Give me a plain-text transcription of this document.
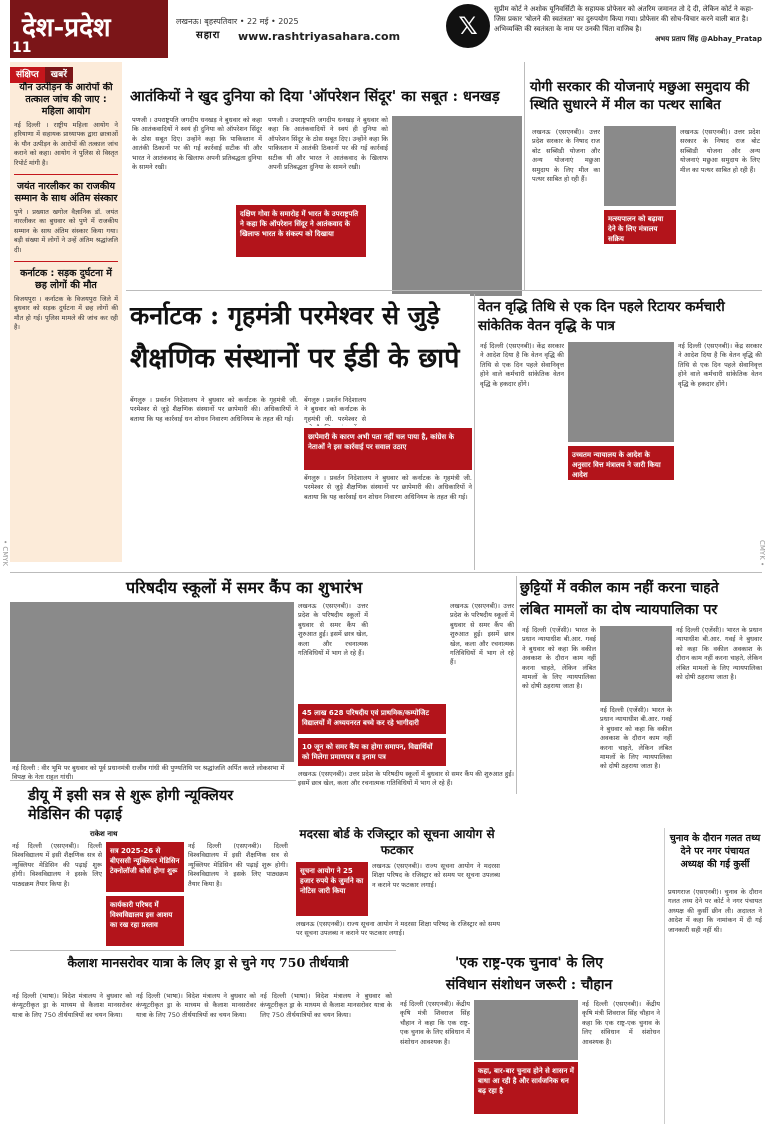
देश-प्रदेश
11
लखनऊ। बृहस्पतिवार • 22 मई • 2025
सहारा www.rashtriyasahara.com	𝕏
सुप्रीम कोर्ट ने अशोक यूनिवर्सिटी के सहायक प्रोफेसर को अंतरिम जमानत तो दे दी, लेकिन कोर्ट ने कहा- जिस प्रकार 'बोलने की स्वतंत्रता' का दुरुपयोग किया गया। प्रोफेसर की सोच-विचार करने वाली बात है। अभिव्यक्ति की स्वतंत्रता के नाम पर उनकी चिंता वाजिब है।
अभय प्रताप सिंह @Abhay_Pratap
संक्षिप्त खबरें
यौन उत्पीड़न के आरोपों की तत्काल जांच की जाए : महिला आयोग
नई दिल्ली । राष्ट्रीय महिला आयोग ने हरियाणा में सहायक प्राध्यापक द्वारा छात्राओं के यौन उत्पीड़न के आरोपों की तत्काल जांच कराने को कहा। आयोग ने पुलिस से विस्तृत रिपोर्ट मांगी है।
जयंत नारलीकर का राजकीय सम्मान के साथ अंतिम संस्कार
पुणे । प्रख्यात खगोल वैज्ञानिक डॉ. जयंत नारलीकर का बुधवार को पुणे में राजकीय सम्मान के साथ अंतिम संस्कार किया गया। बड़ी संख्या में लोगों ने उन्हें अंतिम श्रद्धांजलि दी।
कर्नाटक : सड़क दुर्घटना में छह लोगों की मौत
विजयपुरा । कर्नाटक के विजयपुरा जिले में बुधवार को सड़क दुर्घटना में छह लोगों की मौत हो गई। पुलिस मामले की जांच कर रही है।
आतंकियों ने खुद दुनिया को दिया 'ऑपरेशन सिंदूर' का सबूत : धनखड़
पणजी । उपराष्ट्रपति जगदीप धनखड़ ने बुधवार को कहा कि आतंकवादियों ने स्वयं ही दुनिया को ऑपरेशन सिंदूर के ठोस सबूत दिए। उन्होंने कहा कि पाकिस्तान में आतंकी ठिकानों पर की गई कार्रवाई सटीक थी और भारत ने आतंकवाद के खिलाफ अपनी प्रतिबद्धता दुनिया के सामने रखी।
दक्षिण गोवा के समारोह में भारत के उपराष्ट्रपति ने कहा कि ऑपरेशन सिंदूर ने आतंकवाद के खिलाफ भारत के संकल्प को दिखाया
पणजी । उपराष्ट्रपति जगदीप धनखड़ ने बुधवार को कहा कि आतंकवादियों ने स्वयं ही दुनिया को ऑपरेशन सिंदूर के ठोस सबूत दिए। उन्होंने कहा कि पाकिस्तान में आतंकी ठिकानों पर की गई कार्रवाई सटीक थी और भारत ने आतंकवाद के खिलाफ अपनी प्रतिबद्धता दुनिया के सामने रखी।
योगी सरकार की योजनाएं मछुआ समुदाय की स्थिति सुधारने में मील का पत्थर साबित
लखनऊ (एसएनबी)। उत्तर प्रदेश सरकार के निषाद राज बोट सब्सिडी योजना और अन्य योजनाएं मछुआ समुदाय के लिए मील का पत्थर साबित हो रही हैं।
मत्स्यपालन को बढ़ावा देने के लिए मंत्रालय सक्रिय
लखनऊ (एसएनबी)। उत्तर प्रदेश सरकार के निषाद राज बोट सब्सिडी योजना और अन्य योजनाएं मछुआ समुदाय के लिए मील का पत्थर साबित हो रही हैं।
कर्नाटक : गृहमंत्री परमेश्वर से जुड़े
शैक्षणिक संस्थानों पर ईडी के छापे
बेंगलुरु । प्रवर्तन निदेशालय ने बुधवार को कर्नाटक के गृहमंत्री जी. परमेश्वर से जुड़े शैक्षणिक संस्थानों पर छापेमारी की। अधिकारियों ने बताया कि यह कार्रवाई धन शोधन निवारण अधिनियम के तहत की गई।
बेंगलुरु । प्रवर्तन निदेशालय ने बुधवार को कर्नाटक के गृहमंत्री जी. परमेश्वर से
छापेमारी के कारण अभी पता नहीं चल पाया है, कांग्रेस के नेताओं ने इस कार्रवाई पर सवाल उठाए
बेंगलुरु । प्रवर्तन निदेशालय ने बुधवार को कर्नाटक के गृहमंत्री जी. परमेश्वर से जुड़े शैक्षणिक संस्थानों पर छापेमारी की। अधिकारियों ने बताया कि यह कार्रवाई धन शोधन निवारण अधिनियम के तहत की गई।
वेतन वृद्धि तिथि से एक दिन पहले रिटायर कर्मचारी सांकेतिक वेतन वृद्धि के पात्र
नई दिल्ली (एसएनबी)। केंद्र सरकार ने आदेश दिया है कि वेतन वृद्धि की तिथि से एक दिन पहले सेवानिवृत्त होने वाले कर्मचारी सांकेतिक वेतन वृद्धि के हकदार होंगे।
उच्चतम न्यायालय के आदेश के अनुसार वित्त मंत्रालय ने जारी किया आदेश
नई दिल्ली (एसएनबी)। केंद्र सरकार ने आदेश दिया है कि वेतन वृद्धि की तिथि से एक दिन पहले सेवानिवृत्त होने वाले कर्मचारी सांकेतिक वेतन वृद्धि के हकदार होंगे।
परिषदीय स्कूलों में समर कैंप का शुभारंभ
नई दिल्ली : वीर भूमि पर बुधवार को पूर्व प्रधानमंत्री राजीव गांधी की पुण्यतिथि पर श्रद्धांजलि अर्पित करते लोकसभा में विपक्ष के नेता राहुल गांधी।
लखनऊ (एसएनबी)। उत्तर प्रदेश के परिषदीय स्कूलों में बुधवार से समर कैंप की शुरुआत हुई। इसमें छात्र खेल, कला और रचनात्मक गतिविधियों में भाग ले रहे हैं।
45 लाख 628 परिषदीय एवं प्राथमिक/कम्पोजिट विद्यालयों में अध्ययनरत बच्चे कर रहे भागीदारी
10 जून को समर कैंप का होगा समापन, विद्यार्थियों को मिलेगा प्रमाणपत्र व इनाम पत्र
लखनऊ (एसएनबी)। उत्तर प्रदेश के परिषदीय स्कूलों में बुधवार से समर कैंप की शुरुआत हुई। इसमें छात्र खेल, कला और रचनात्मक गतिविधियों में भाग ले रहे हैं।
लखनऊ (एसएनबी)। उत्तर प्रदेश के परिषदीय स्कूलों में बुधवार से समर कैंप की शुरुआत हुई। इसमें छात्र खेल, कला और रचनात्मक गतिविधियों में भाग ले रहे हैं।
छुट्टियों में वकील काम नहीं करना चाहते
लंबित मामलों का दोष न्यायपालिका पर
नई दिल्ली (एजेंसी)। भारत के प्रधान न्यायाधीश बी.आर. गवई ने बुधवार को कहा कि वकील अवकाश के दौरान काम नहीं करना चाहते, लेकिन लंबित मामलों के लिए न्यायपालिका को दोषी ठहराया जाता है।
नई दिल्ली (एजेंसी)। भारत के प्रधान न्यायाधीश बी.आर. गवई ने बुधवार को कहा कि वकील अवकाश के दौरान काम नहीं करना चाहते, लेकिन लंबित मामलों के लिए न्यायपालिका को दोषी ठहराया जाता है।
नई दिल्ली (एजेंसी)। भारत के प्रधान न्यायाधीश बी.आर. गवई ने बुधवार को कहा कि वकील अवकाश के दौरान काम नहीं करना चाहते, लेकिन लंबित मामलों के लिए न्यायपालिका को दोषी ठहराया जाता है।
डीयू में इसी सत्र से शुरू होगी न्यूक्लियर मेडिसिन की पढ़ाई
राकेश नाथ
नई दिल्ली (एसएनबी)। दिल्ली विश्वविद्यालय में इसी शैक्षणिक सत्र से न्यूक्लियर मेडिसिन की पढ़ाई शुरू होगी। विश्वविद्यालय ने इसके लिए पाठ्यक्रम तैयार किया है।
सत्र 2025-26 से बीएससी न्यूक्लियर मेडिसिन टेक्नोलॉजी कोर्स होगा शुरू
कार्यकारी परिषद में विश्वविद्यालय इस आशय का रख रहा प्रस्ताव
नई दिल्ली (एसएनबी)। दिल्ली विश्वविद्यालय में इसी शैक्षणिक सत्र से न्यूक्लियर मेडिसिन की पढ़ाई शुरू होगी। विश्वविद्यालय ने इसके लिए पाठ्यक्रम तैयार किया है।
मदरसा बोर्ड के रजिस्ट्रार को सूचना आयोग से फटकार
सूचना आयोग ने 25 हजार रुपये के जुर्माने का नोटिस जारी किया
लखनऊ (एसएनबी)। राज्य सूचना आयोग ने मदरसा शिक्षा परिषद के रजिस्ट्रार को समय पर सूचना उपलब्ध न कराने पर फटकार लगाई।
लखनऊ (एसएनबी)। राज्य सूचना आयोग ने मदरसा शिक्षा परिषद के रजिस्ट्रार को समय पर सूचना उपलब्ध न कराने पर फटकार लगाई।
'एक राष्ट्र-एक चुनाव' के लिए
संविधान संशोधन जरूरी : चौहान
नई दिल्ली (एसएनबी)। केंद्रीय कृषि मंत्री शिवराज सिंह चौहान ने कहा कि एक राष्ट्र-एक चुनाव के लिए संविधान में संशोधन आवश्यक है।
कहा, बार-बार चुनाव होने से शासन में बाधा आ रही है और सार्वजनिक धन बढ़ रहा है
नई दिल्ली (एसएनबी)। केंद्रीय कृषि मंत्री शिवराज सिंह चौहान ने कहा कि एक राष्ट्र-एक चुनाव के लिए संविधान में संशोधन आवश्यक है।
कैलाश मानसरोवर यात्रा के लिए ड्रा से चुने गए 750 तीर्थयात्री
नई दिल्ली (भाषा)। विदेश मंत्रालय ने बुधवार को कंप्यूटरीकृत ड्रा के माध्यम से कैलाश मानसरोवर यात्रा के लिए 750 तीर्थयात्रियों का चयन किया।
नई दिल्ली (भाषा)। विदेश मंत्रालय ने बुधवार को कंप्यूटरीकृत ड्रा के माध्यम से कैलाश मानसरोवर यात्रा के लिए 750 तीर्थयात्रियों का चयन किया।
नई दिल्ली (भाषा)। विदेश मंत्रालय ने बुधवार को कंप्यूटरीकृत ड्रा के माध्यम से कैलाश मानसरोवर यात्रा के लिए 750 तीर्थयात्रियों का चयन किया।
चुनाव के दौरान गलत तथ्य देने पर नगर पंचायत अध्यक्ष की गई कुर्सी
प्रयागराज (एसएनबी)। चुनाव के दौरान गलत तथ्य देने पर कोर्ट ने नगर पंचायत अध्यक्ष की कुर्सी छीन ली। अदालत ने आदेश में कहा कि नामांकन में दी गई जानकारी सही नहीं थी।
• CMYK	CMYK •
